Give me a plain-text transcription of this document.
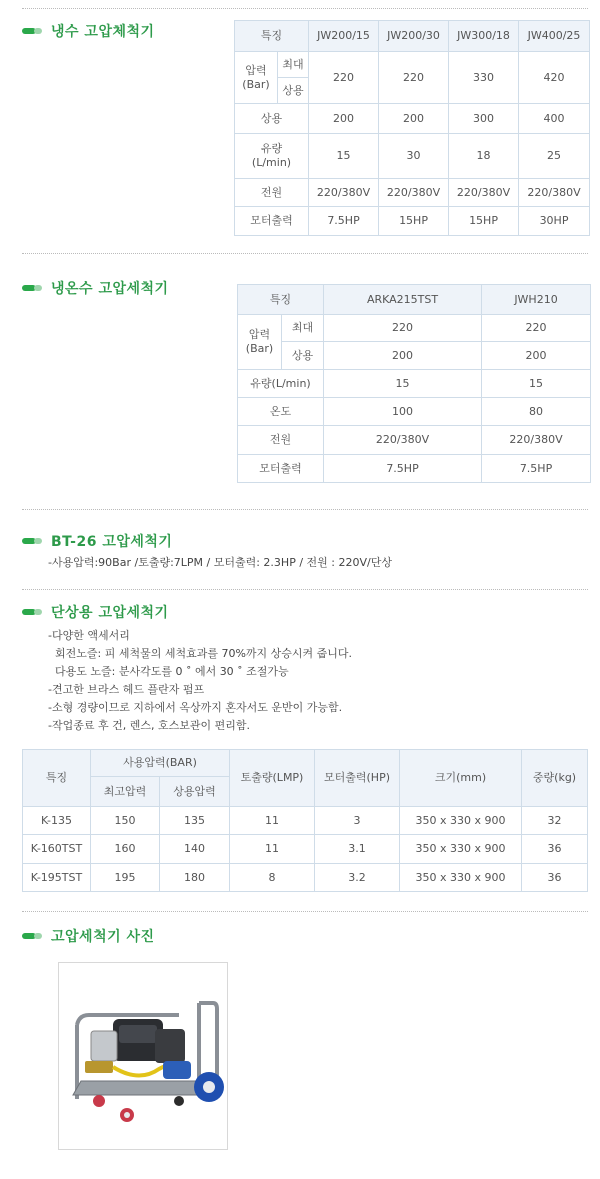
냉수 고압체척기	특징		JW200/15	JW200/30	JW300/18	JW400/25
압력
(Bar)	최대	220	220	330	420
	상용				
상용		200	200	300	400
유량
(L/min)		15	30	18	25
전원		220/380V	220/380V	220/380V	220/380V
모터출력		7.5HP	15HP	15HP	30HP
냉온수 고압세척기
특징		ARKA215TST	JWH210
압력
(Bar)	최대	220	220
	상용	200	200
유량(L/min)		15	15
온도		100	80
전원		220/380V	220/380V
모터출력		7.5HP	7.5HP
BT-26 고압세척기
-사용압력:90Bar /토출량:7LPM / 모터출력: 2.3HP / 전원 : 220V/단상
단상용 고압세척기
-다양한 액세서리
회전노즐: 피 세척물의 세척효과를 70%까지 상승시켜 줍니다.
다용도 노즐: 분사각도를 0 ˚ 에서 30 ˚ 조절가능
-견고한 브라스 헤드 플란자 펌프
-소형 경량이므로 지하에서 옥상까지 혼자서도 운반이 가능함.
-작업종료 후 건, 렌스, 호스보관이 편리함.
특징	사용압력(BAR)		토출량(LMP)	모터출력(HP)	크기(mm)	중량(kg)
	최고압력	상용압력				
K-135	150	135	11	3	350 x 330 x 900	32
K-160TST	160	140	11	3.1	350 x 330 x 900	36
K-195TST	195	180	8	3.2	350 x 330 x 900	36
고압세척기 사진
